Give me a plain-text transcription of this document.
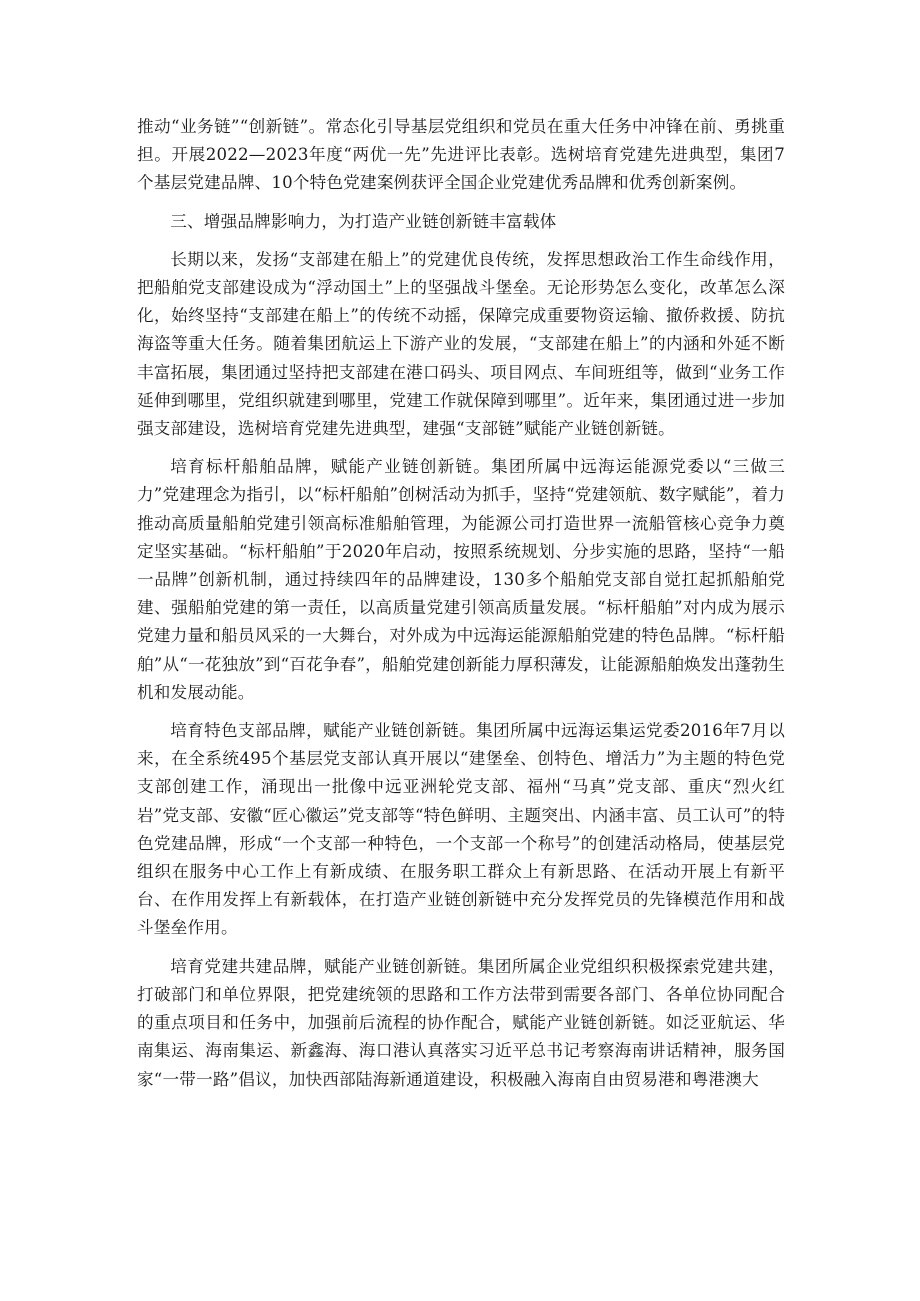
推动“业务链”“创新链”。常态化引导基层党组织和党员在重大任务中冲锋在前、勇挑重担。开展2022—2023年度“两优一先”先进评比表彰。选树培育党建先进典型，集团7个基层党建品牌、10个特色党建案例获评全国企业党建优秀品牌和优秀创新案例。

三、增强品牌影响力，为打造产业链创新链丰富载体

长期以来，发扬“支部建在船上”的党建优良传统，发挥思想政治工作生命线作用，把船舶党支部建设成为“浮动国土”上的坚强战斗堡垒。无论形势怎么变化，改革怎么深化，始终坚持“支部建在船上”的传统不动摇，保障完成重要物资运输、撤侨救援、防抗海盗等重大任务。随着集团航运上下游产业的发展，“支部建在船上”的内涵和外延不断丰富拓展，集团通过坚持把支部建在港口码头、项目网点、车间班组等，做到“业务工作延伸到哪里，党组织就建到哪里，党建工作就保障到哪里”。近年来，集团通过进一步加强支部建设，选树培育党建先进典型，建强“支部链”赋能产业链创新链。

培育标杆船舶品牌，赋能产业链创新链。集团所属中远海运能源党委以“三做三力”党建理念为指引，以“标杆船舶”创树活动为抓手，坚持“党建领航、数字赋能”，着力推动高质量船舶党建引领高标准船舶管理，为能源公司打造世界一流船管核心竞争力奠定坚实基础。“标杆船舶”于2020年启动，按照系统规划、分步实施的思路，坚持“一船一品牌”创新机制，通过持续四年的品牌建设，130多个船舶党支部自觉扛起抓船舶党建、强船舶党建的第一责任，以高质量党建引领高质量发展。“标杆船舶”对内成为展示党建力量和船员风采的一大舞台，对外成为中远海运能源船舶党建的特色品牌。“标杆船舶”从“一花独放”到“百花争春”，船舶党建创新能力厚积薄发，让能源船舶焕发出蓬勃生机和发展动能。

培育特色支部品牌，赋能产业链创新链。集团所属中远海运集运党委2016年7月以来，在全系统495个基层党支部认真开展以“建堡垒、创特色、增活力”为主题的特色党支部创建工作，涌现出一批像中远亚洲轮党支部、福州“马真”党支部、重庆“烈火红岩”党支部、安徽“匠心徽运”党支部等“特色鲜明、主题突出、内涵丰富、员工认可”的特色党建品牌，形成“一个支部一种特色，一个支部一个称号”的创建活动格局，使基层党组织在服务中心工作上有新成绩、在服务职工群众上有新思路、在活动开展上有新平台、在作用发挥上有新载体，在打造产业链创新链中充分发挥党员的先锋模范作用和战斗堡垒作用。

培育党建共建品牌，赋能产业链创新链。集团所属企业党组织积极探索党建共建，打破部门和单位界限，把党建统领的思路和工作方法带到需要各部门、各单位协同配合的重点项目和任务中，加强前后流程的协作配合，赋能产业链创新链。如泛亚航运、华南集运、海南集运、新鑫海、海口港认真落实习近平总书记考察海南讲话精神，服务国家“一带一路”倡议，加快西部陆海新通道建设，积极融入海南自由贸易港和粤港澳大
